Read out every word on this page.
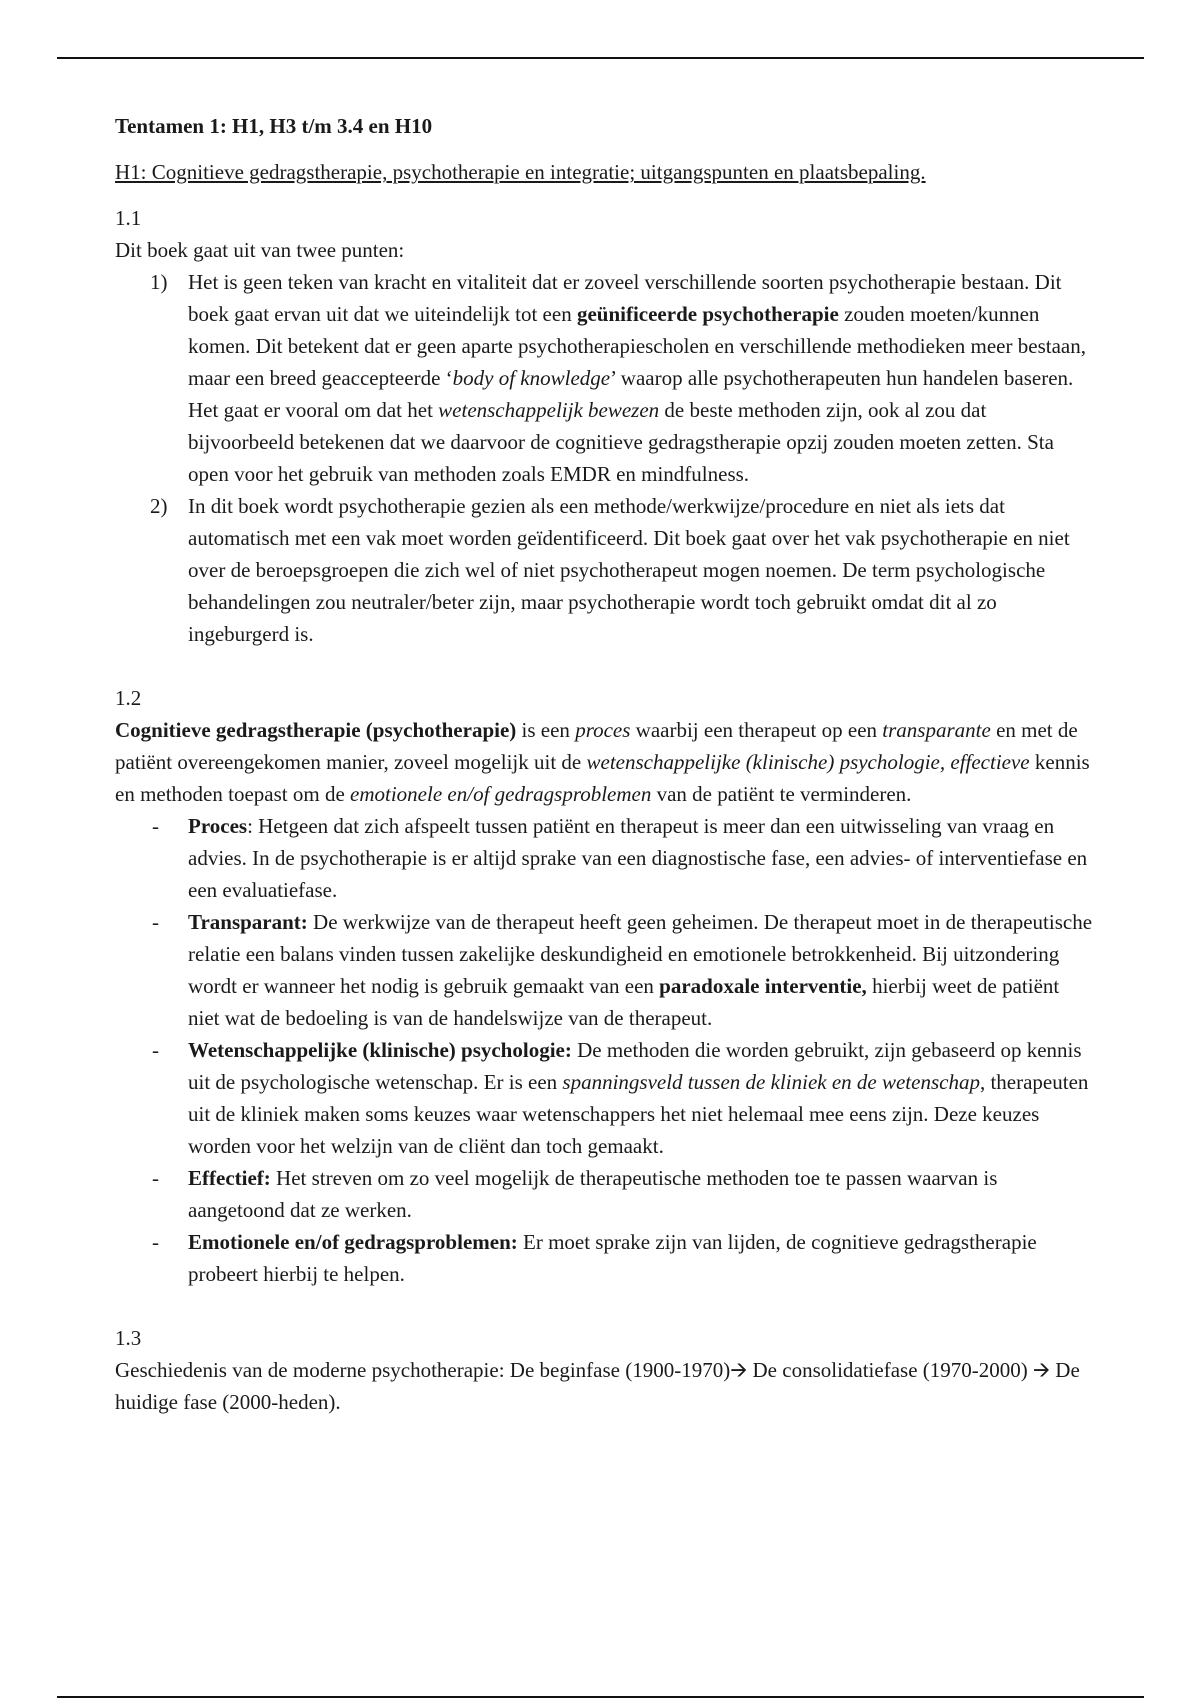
Tentamen 1: H1, H3 t/m 3.4 en H10

H1: Cognitieve gedragstherapie, psychotherapie en integratie; uitgangspunten en plaatsbepaling.

1.1

Dit boek gaat uit van twee punten:

1) Het is geen teken van kracht en vitaliteit dat er zoveel verschillende soorten psychotherapie bestaan. Dit boek gaat ervan uit dat we uiteindelijk tot een geünificeerde psychotherapie zouden moeten/kunnen komen. Dit betekent dat er geen aparte psychotherapiescholen en verschillende methodieken meer bestaan, maar een breed geaccepteerde ‘body of knowledge’ waarop alle psychotherapeuten hun handelen baseren. Het gaat er vooral om dat het wetenschappelijk bewezen de beste methoden zijn, ook al zou dat bijvoorbeeld betekenen dat we daarvoor de cognitieve gedragstherapie opzij zouden moeten zetten. Sta open voor het gebruik van methoden zoals EMDR en mindfulness.
2) In dit boek wordt psychotherapie gezien als een methode/werkwijze/procedure en niet als iets dat automatisch met een vak moet worden geïdentificeerd. Dit boek gaat over het vak psychotherapie en niet over de beroepsgroepen die zich wel of niet psychotherapeut mogen noemen. De term psychologische behandelingen zou neutraler/beter zijn, maar psychotherapie wordt toch gebruikt omdat dit al zo ingeburgerd is.

1.2

Cognitieve gedragstherapie (psychotherapie) is een proces waarbij een therapeut op een transparante en met de patiënt overeengekomen manier, zoveel mogelijk uit de wetenschappelijke (klinische) psychologie, effectieve kennis en methoden toepast om de emotionele en/of gedragsproblemen van de patiënt te verminderen.

- Proces: Hetgeen dat zich afspeelt tussen patiënt en therapeut is meer dan een uitwisseling van vraag en advies. In de psychotherapie is er altijd sprake van een diagnostische fase, een advies- of interventiefase en een evaluatiefase.
- Transparant: De werkwijze van de therapeut heeft geen geheimen. De therapeut moet in de therapeutische relatie een balans vinden tussen zakelijke deskundigheid en emotionele betrokkenheid. Bij uitzondering wordt er wanneer het nodig is gebruik gemaakt van een paradoxale interventie, hierbij weet de patiënt niet wat de bedoeling is van de handelswijze van de therapeut.
- Wetenschappelijke (klinische) psychologie: De methoden die worden gebruikt, zijn gebaseerd op kennis uit de psychologische wetenschap. Er is een spanningsveld tussen de kliniek en de wetenschap, therapeuten uit de kliniek maken soms keuzes waar wetenschappers het niet helemaal mee eens zijn. Deze keuzes worden voor het welzijn van de cliënt dan toch gemaakt.
- Effectief: Het streven om zo veel mogelijk de therapeutische methoden toe te passen waarvan is aangetoond dat ze werken.
- Emotionele en/of gedragsproblemen: Er moet sprake zijn van lijden, de cognitieve gedragstherapie probeert hierbij te helpen.

1.3

Geschiedenis van de moderne psychotherapie: De beginfase (1900-1970)🡪 De consolidatiefase (1970-2000) 🡪 De huidige fase (2000-heden).
